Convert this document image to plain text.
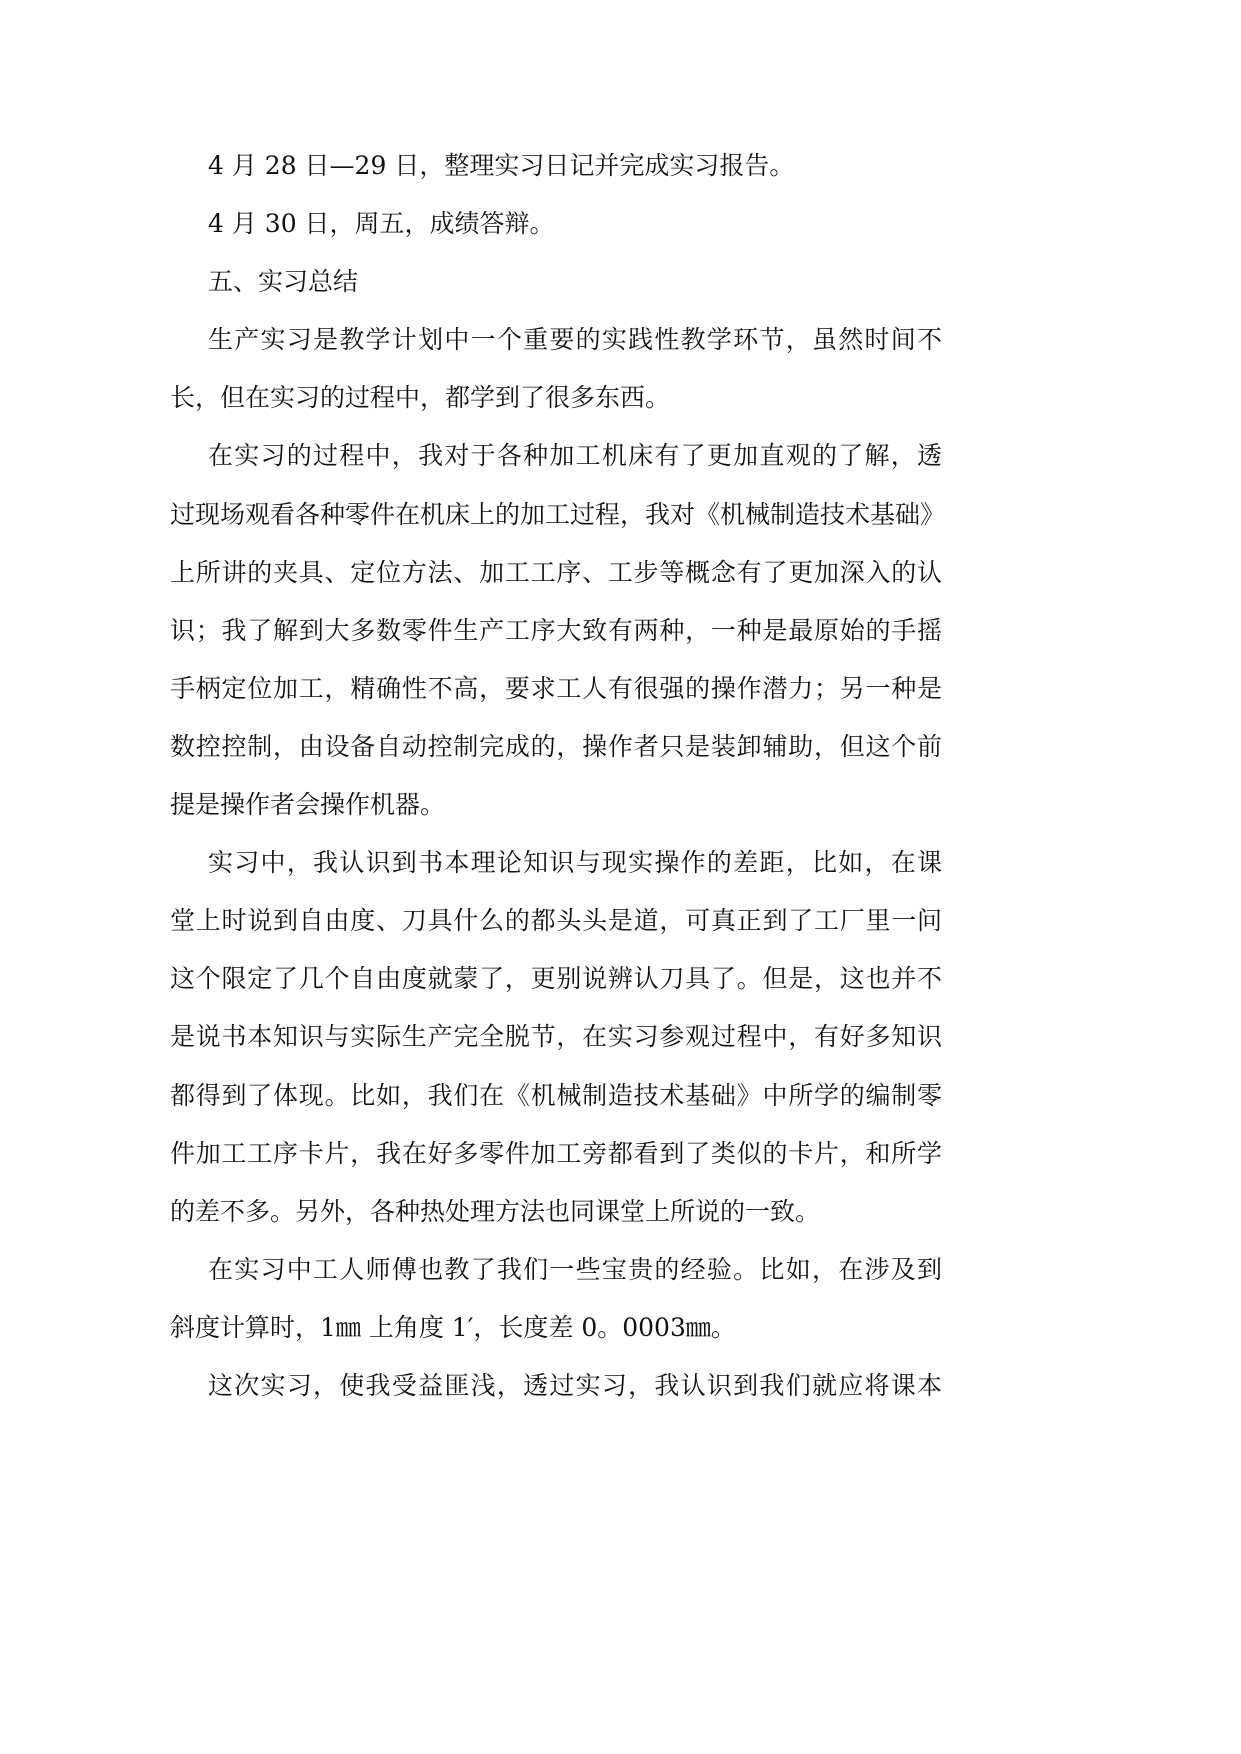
4 月 28 日—29 日，整理实习日记并完成实习报告。
4 月 30 日，周五，成绩答辩。
五、实习总结
生产实习是教学计划中一个重要的实践性教学环节，虽然时间不
长，但在实习的过程中，都学到了很多东西。
在实习的过程中，我对于各种加工机床有了更加直观的了解，透
过现场观看各种零件在机床上的加工过程，我对《机械制造技术基础》
上所讲的夹具、定位方法、加工工序、工步等概念有了更加深入的认
识；我了解到大多数零件生产工序大致有两种，一种是最原始的手摇
手柄定位加工，精确性不高，要求工人有很强的操作潜力；另一种是
数控控制，由设备自动控制完成的，操作者只是装卸辅助，但这个前
提是操作者会操作机器。
实习中，我认识到书本理论知识与现实操作的差距，比如，在课
堂上时说到自由度、刀具什么的都头头是道，可真正到了工厂里一问
这个限定了几个自由度就蒙了，更别说辨认刀具了。但是，这也并不
是说书本知识与实际生产完全脱节，在实习参观过程中，有好多知识
都得到了体现。比如，我们在《机械制造技术基础》中所学的编制零
件加工工序卡片，我在好多零件加工旁都看到了类似的卡片，和所学
的差不多。另外，各种热处理方法也同课堂上所说的一致。
在实习中工人师傅也教了我们一些宝贵的经验。比如，在涉及到
斜度计算时，1㎜ 上角度 1′，长度差 0。0003㎜。
这次实习，使我受益匪浅，透过实习，我认识到我们就应将课本
